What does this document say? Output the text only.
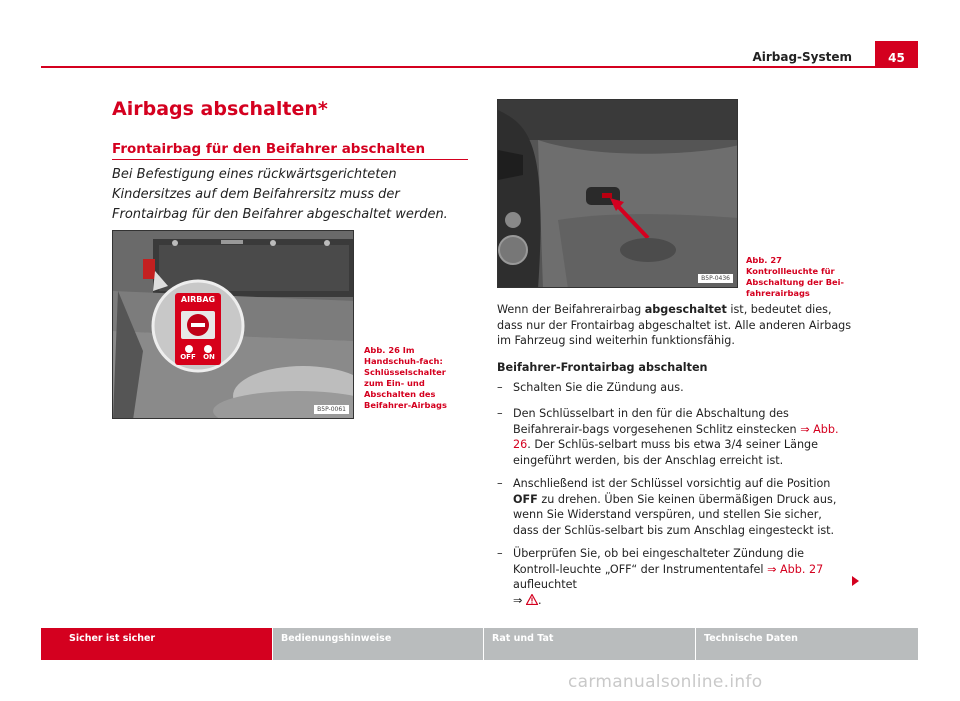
Airbag-System	45
Airbags abschalten*
Frontairbag für den Beifahrer abschalten
Bei Befestigung eines rückwärtsgerichteten Kindersitzes auf dem Beifahrersitz muss der Frontairbag für den Beifahrer abgeschaltet werden.
AIRBAG
OFF	ON
B5P-0061
Abb. 26 Im Handschuh-fach: Schlüsselschalter zum Ein- und Abschalten des Beifahrer-Airbags
B5P-0436
Abb. 27 Kontrollleuchte für Abschaltung der Bei-fahrerairbags
Wenn der Beifahrerairbag abgeschaltet ist, bedeutet dies, dass nur der Frontairbag abgeschaltet ist. Alle anderen Airbags im Fahrzeug sind weiterhin funktionsfähig.
Beifahrer-Frontairbag abschalten
– Schalten Sie die Zündung aus.
– Den Schlüsselbart in den für die Abschaltung des Beifahrerair-bags vorgesehenen Schlitz einstecken ⇒ Abb. 26. Der Schlüs-selbart muss bis etwa 3/4 seiner Länge eingeführt werden, bis der Anschlag erreicht ist.
– Anschließend ist der Schlüssel vorsichtig auf die Position OFF zu drehen. Üben Sie keinen übermäßigen Druck aus, wenn Sie Widerstand verspüren, und stellen Sie sicher, dass der Schlüs-selbart bis zum Anschlag eingesteckt ist.
– Überprüfen Sie, ob bei eingeschalteter Zündung die Kontroll-leuchte „OFF“ der Instrumententafel ⇒ Abb. 27 aufleuchtet
⇒ .
Sicher ist sicher	Bedienungshinweise	Rat und Tat	Technische Daten
carmanualsonline.info
